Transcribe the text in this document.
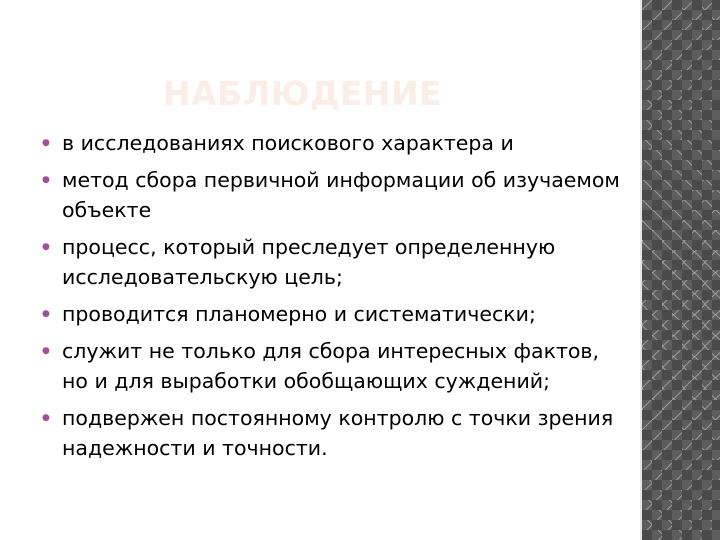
НАБЛЮДЕНИЕ
● в исследованиях поискового характера и
● метод сбора первичной информации об изучаемом объекте
● процесс, который преследует определенную исследовательскую цель;
● проводится планомерно и систематически;
● служит не только для сбора интересных фактов, но и для выработки обобщающих суждений;
● подвержен постоянному контролю с точки зрения надежности и точности.
